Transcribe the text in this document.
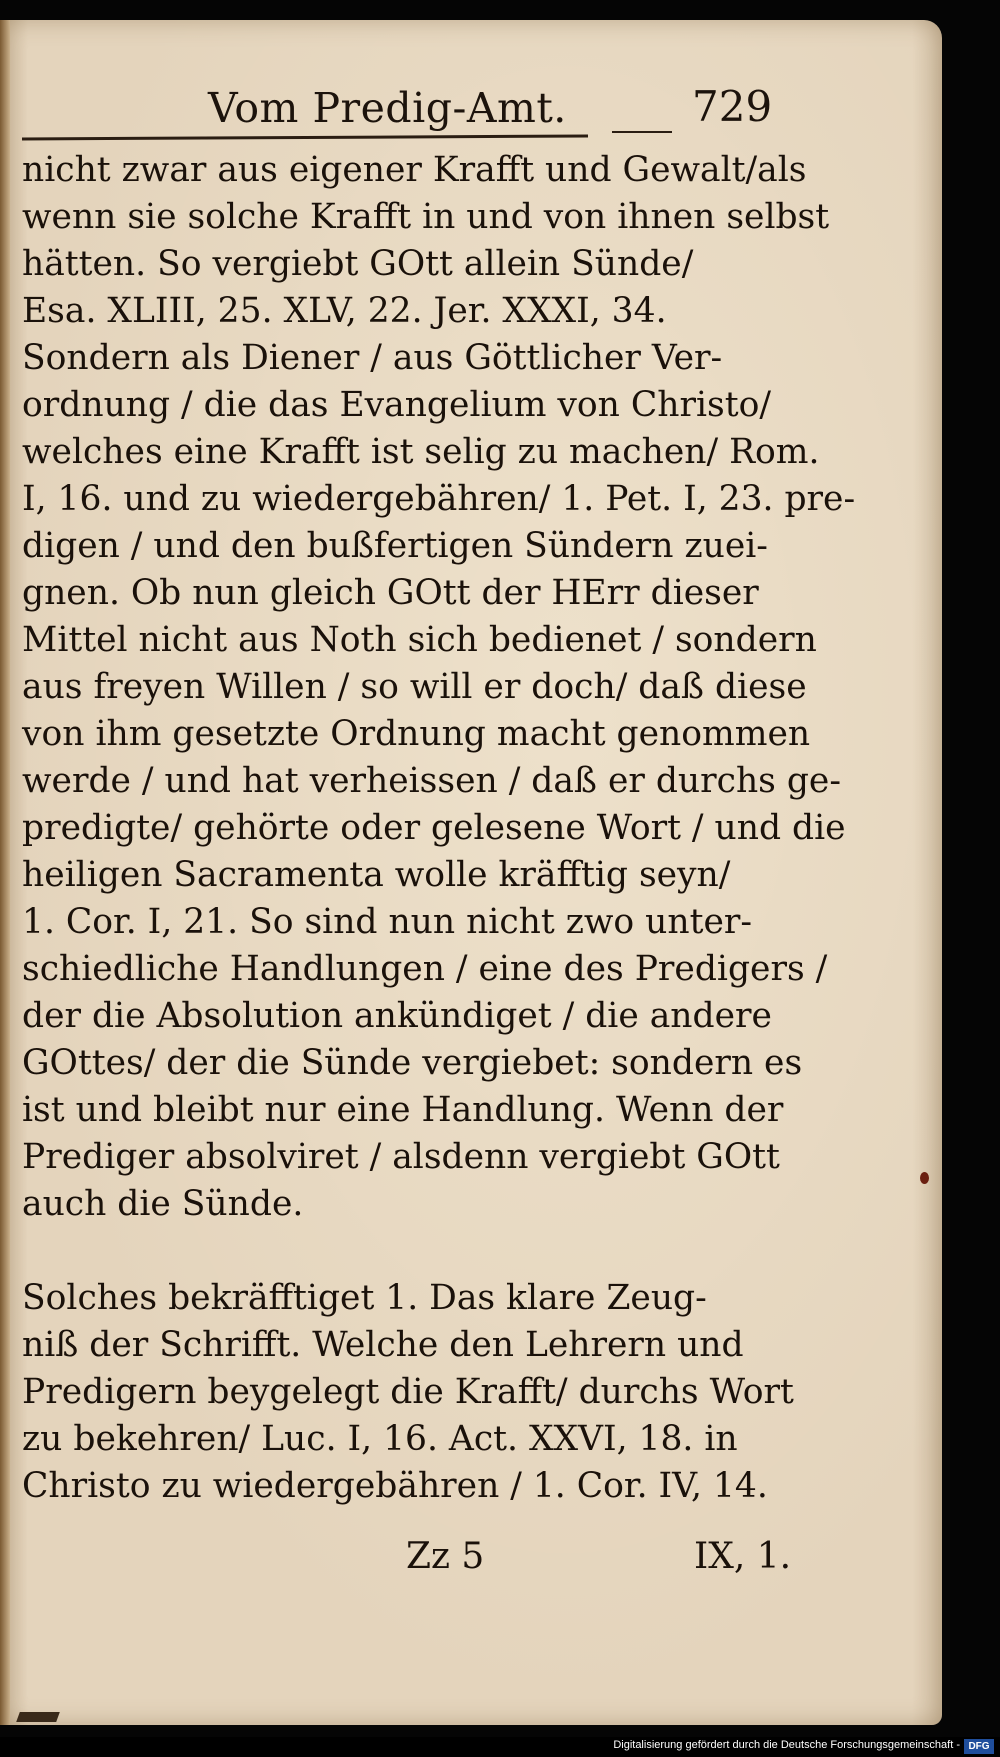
Vom Predig-Amt.	729
nicht zwar aus eigener Krafft und Gewalt/als
wenn sie solche Krafft in und von ihnen selbst
hätten. So vergiebt GOtt allein Sünde/
Esa. XLIII, 25. XLV, 22. Jer. XXXI, 34.
Sondern als Diener / aus Göttlicher Ver-
ordnung / die das Evangelium von Christo/
welches eine Krafft ist selig zu machen/ Rom.
I, 16. und zu wiedergebähren/ 1. Pet. I, 23. pre-
digen / und den bußfertigen Sündern zuei-
gnen. Ob nun gleich GOtt der HErr dieser
Mittel nicht aus Noth sich bedienet / sondern
aus freyen Willen / so will er doch/ daß diese
von ihm gesetzte Ordnung macht genommen
werde / und hat verheissen / daß er durchs ge-
predigte/ gehörte oder gelesene Wort / und die
heiligen Sacramenta wolle kräfftig seyn/
1. Cor. I, 21. So sind nun nicht zwo unter-
schiedliche Handlungen / eine des Predigers /
der die Absolution ankündiget / die andere
GOttes/ der die Sünde vergiebet: sondern es
ist und bleibt nur eine Handlung. Wenn der
Prediger absolviret / alsdenn vergiebt GOtt
auch die Sünde.
Solches bekräfftiget 1. Das klare Zeug-
niß der Schrifft. Welche den Lehrern und
Predigern beygelegt die Krafft/ durchs Wort
zu bekehren/ Luc. I, 16. Act. XXVI, 18. in
Christo zu wiedergebähren / 1. Cor. IV, 14.
Zz 5	IX, 1.
Digitalisierung gefördert durch die Deutsche Forschungsgemeinschaft - DFG
